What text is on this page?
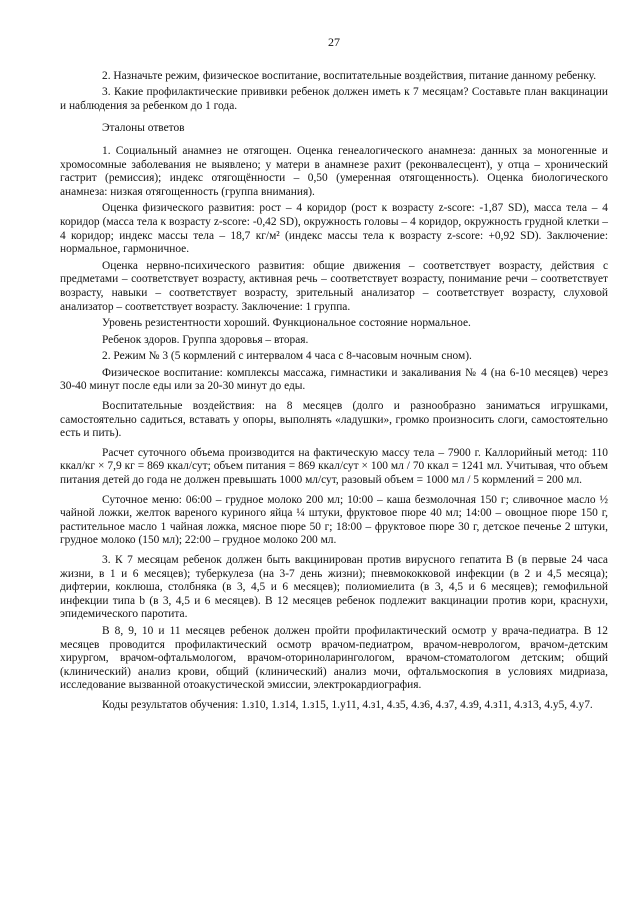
27

2. Назначьте режим, физическое воспитание, воспитательные воздействия, питание данному ребенку.

3. Какие профилактические прививки ребенок должен иметь к 7 месяцам? Составьте план вакцинации и наблюдения за ребенком до 1 года.

Эталоны ответов

1. Социальный анамнез не отягощен. Оценка генеалогического анамнеза: данных за моногенные и хромосомные заболевания не выявлено; у матери в анамнезе рахит (реконвалесцент), у отца – хронический гастрит (ремиссия); индекс отягощённости – 0,50 (умеренная отягощенность). Оценка биологического анамнеза: низкая отягощенность (группа внимания).

Оценка физического развития: рост – 4 коридор (рост к возрасту z-score: -1,87 SD), масса тела – 4 коридор (масса тела к возрасту z-score: -0,42 SD), окружность головы – 4 коридор, окружность грудной клетки – 4 коридор; индекс массы тела – 18,7 кг/м² (индекс массы тела к возрасту z-score: +0,92 SD). Заключение: нормальное, гармоничное.

Оценка нервно-психического развития: общие движения – соответствует возрасту, действия с предметами – соответствует возрасту, активная речь – соответствует возрасту, понимание речи – соответствует возрасту, навыки – соответствует возрасту, зрительный анализатор – соответствует возрасту, слуховой анализатор – соответствует возрасту. Заключение: 1 группа.

Уровень резистентности хороший. Функциональное состояние нормальное.

Ребенок здоров. Группа здоровья – вторая.

2. Режим № 3 (5 кормлений с интервалом 4 часа с 8-часовым ночным сном).

Физическое воспитание: комплексы массажа, гимнастики и закаливания № 4 (на 6-10 месяцев) через 30-40 минут после еды или за 20-30 минут до еды.

Воспитательные воздействия: на 8 месяцев (долго и разнообразно заниматься игрушками, самостоятельно садиться, вставать у опоры, выполнять «ладушки», громко произносить слоги, самостоятельно есть и пить).

Расчет суточного объема производится на фактическую массу тела – 7900 г. Каллорийный метод: 110 ккал/кг × 7,9 кг = 869 ккал/сут; объем питания = 869 ккал/сут × 100 мл / 70 ккал = 1241 мл. Учитывая, что объем питания детей до года не должен превышать 1000 мл/сут, разовый объем = 1000 мл / 5 кормлений = 200 мл.

Суточное меню: 06:00 – грудное молоко 200 мл; 10:00 – каша безмолочная 150 г; сливочное масло ½ чайной ложки, желток вареного куриного яйца ¼ штуки, фруктовое пюре 40 мл; 14:00 – овощное пюре 150 г, растительное масло 1 чайная ложка, мясное пюре 50 г; 18:00 – фруктовое пюре 30 г, детское печенье 2 штуки, грудное молоко (150 мл); 22:00 – грудное молоко 200 мл.

3. К 7 месяцам ребенок должен быть вакцинирован против вирусного гепатита В (в первые 24 часа жизни, в 1 и 6 месяцев); туберкулеза (на 3-7 день жизни); пневмококковой инфекции (в 2 и 4,5 месяца); дифтерии, коклюша, столбняка (в 3, 4,5 и 6 месяцев); полиомиелита (в 3, 4,5 и 6 месяцев); гемофильной инфекции типа b (в 3, 4,5 и 6 месяцев). В 12 месяцев ребенок подлежит вакцинации против кори, краснухи, эпидемического паротита.

В 8, 9, 10 и 11 месяцев ребенок должен пройти профилактический осмотр у врача-педиатра. В 12 месяцев проводится профилактический осмотр врачом-педиатром, врачом-неврологом, врачом-детским хирургом, врачом-офтальмологом, врачом-оториноларингологом, врачом-стоматологом детским; общий (клинический) анализ крови, общий (клинический) анализ мочи, офтальмоскопия в условиях мидриаза, исследование вызванной отоакустической эмиссии, электрокардиография.

Коды результатов обучения: 1.з10, 1.з14, 1.з15, 1.у11, 4.з1, 4.з5, 4.з6, 4.з7, 4.з9, 4.з11, 4.з13, 4.у5, 4.у7.
